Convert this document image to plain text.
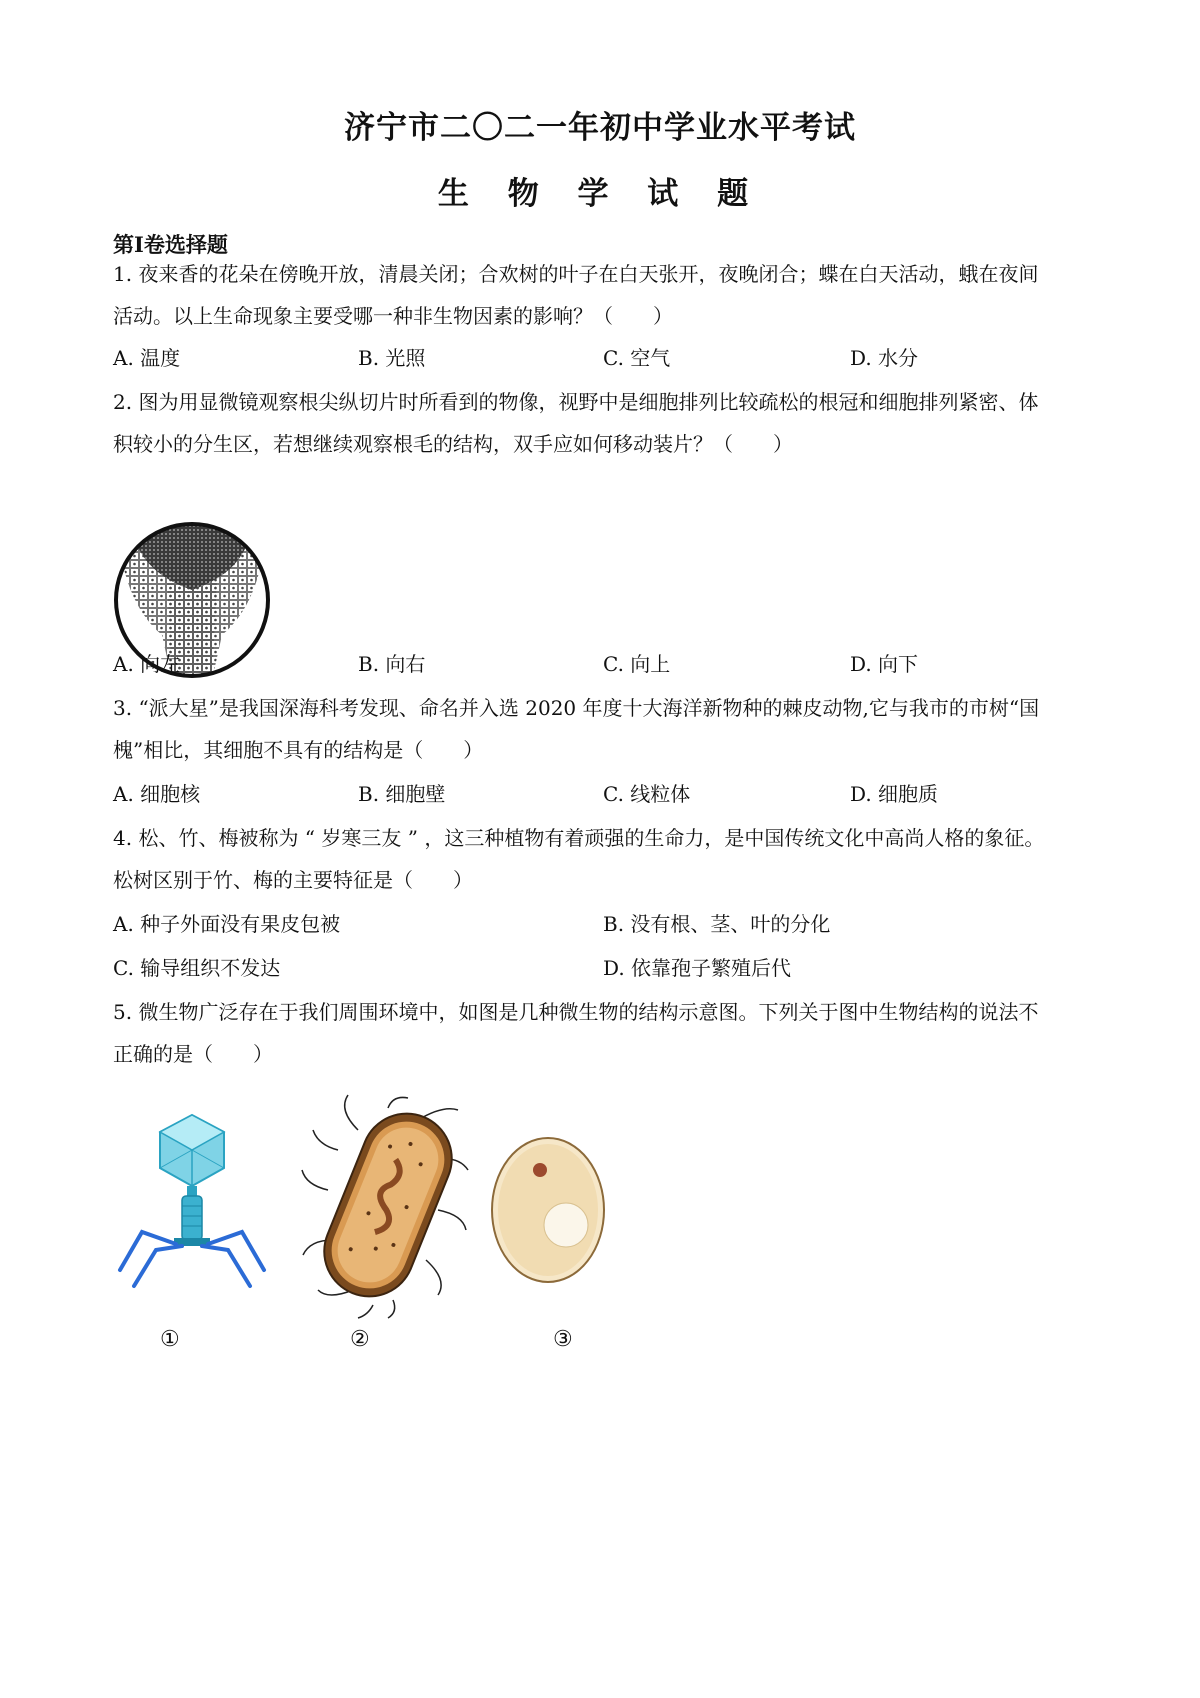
济宁市二〇二一年初中学业水平考试
生 物 学 试 题
第Ⅰ卷选择题
1. 夜来香的花朵在傍晚开放，清晨关闭；合欢树的叶子在白天张开，夜晚闭合；蝶在白天活动，蛾在夜间
活动。以上生命现象主要受哪一种非生物因素的影响？（　　）
A. 温度	B. 光照	C. 空气	D. 水分
2. 图为用显微镜观察根尖纵切片时所看到的物像，视野中是细胞排列比较疏松的根冠和细胞排列紧密、体
积较小的分生区，若想继续观察根毛的结构，双手应如何移动装片？（　　）
A. 向左	B. 向右	C. 向上	D. 向下
3. “派大星”是我国深海科考发现、命名并入选 2020 年度十大海洋新物种的棘皮动物,它与我市的市树“国
槐”相比，其细胞不具有的结构是（　　）
A. 细胞核	B. 细胞壁	C. 线粒体	D. 细胞质
4. 松、竹、梅被称为 “ 岁寒三友 ” ，这三种植物有着顽强的生命力，是中国传统文化中高尚人格的象征。
松树区别于竹、梅的主要特征是（　　）
A. 种子外面没有果皮包被	B. 没有根、茎、叶的分化
C. 输导组织不发达	D. 依靠孢子繁殖后代
5. 微生物广泛存在于我们周围环境中，如图是几种微生物的结构示意图。下列关于图中生物结构的说法不
正确的是（　　）
①	②	③
